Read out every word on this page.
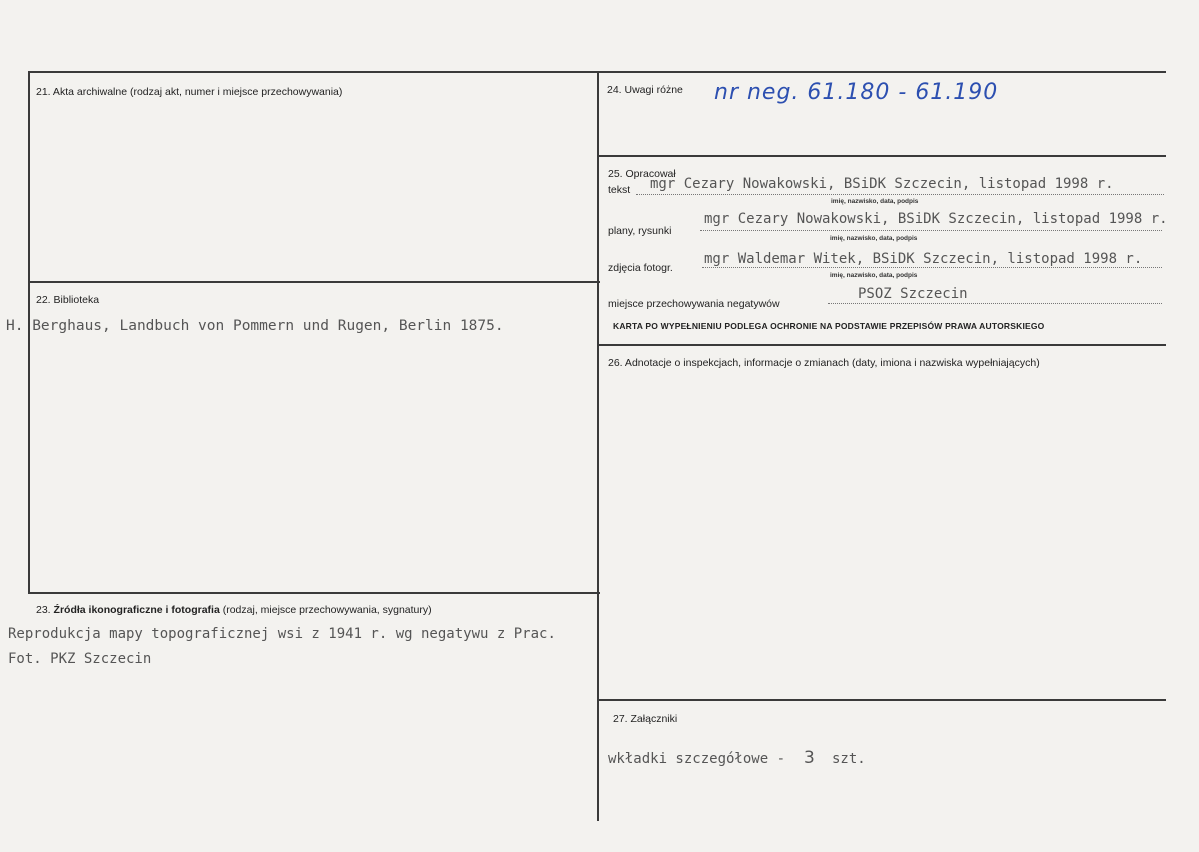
21. Akta archiwalne (rodzaj akt, numer i miejsce przechowywania)
22. Biblioteka
H. Berghaus, Landbuch von Pommern und Rugen, Berlin 1875.
23. Źródła ikonograficzne i fotografia (rodzaj, miejsce przechowywania, sygnatury)
Reprodukcja mapy topograficznej wsi z 1941 r. wg negatywu z Prac.
Fot. PKZ Szczecin
24. Uwagi różne nr neg. 61.180 - 61.190
25. Opracował
tekst mgr Cezary Nowakowski, BSiDK Szczecin, listopad 1998 r.
imię, nazwisko, data, podpis
plany, rysunki
mgr Cezary Nowakowski, BSiDK Szczecin, listopad 1998 r.
imię, nazwisko, data, podpis
zdjęcia fotogr.
mgr Waldemar Witek, BSiDK Szczecin, listopad 1998 r.
imię, nazwisko, data, podpis
miejsce przechowywania negatywów
PSOZ Szczecin
KARTA PO WYPEŁNIENIU PODLEGA OCHRONIE NA PODSTAWIE PRZEPISÓW PRAWA AUTORSKIEGO
26. Adnotacje o inspekcjach, informacje o zmianach (daty, imiona i nazwiska wypełniających)
27. Załączniki
wkładki szczegółowe - 3 szt.
